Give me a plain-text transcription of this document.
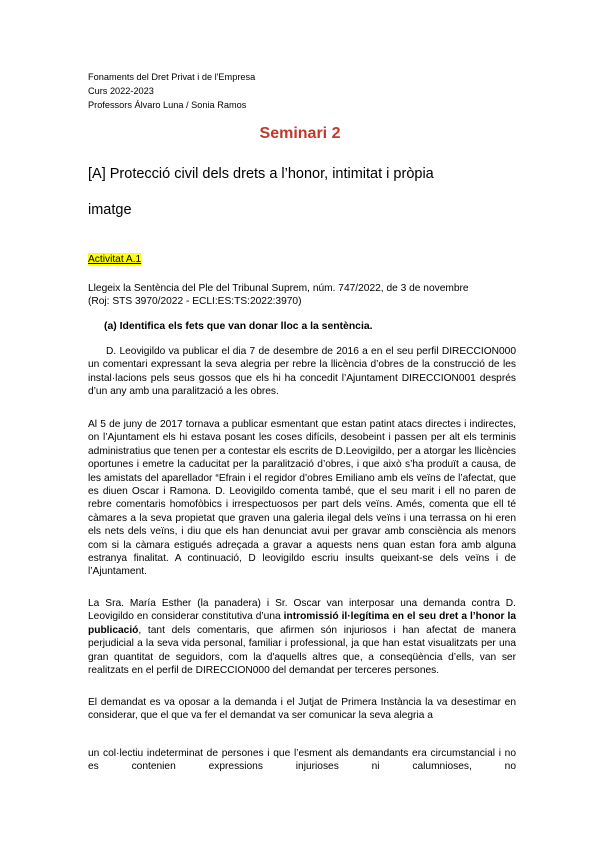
Fonaments del Dret Privat i de l'Empresa

Curs 2022-2023

Professors Álvaro Luna / Sonia Ramos

Seminari 2
[A] Protecció civil dels drets a l’honor, intimitat i pròpia
imatge
Activitat A.1

Llegeix la Sentència del Ple del Tribunal Suprem, núm. 747/2022, de 3 de novembre

(Roj: STS 3970/2022 - ECLI:ES:TS:2022:3970)

(a) Identifica els fets que van donar lloc a la sentència.

D. Leovigildo va publicar el dia 7 de desembre de 2016 a en el seu perfil DIRECCION000 un comentari expressant la seva alegria per rebre la llicència d’obres de la construcció de les instal·lacions pels seus gossos que els hi ha concedit l’Ajuntament DIRECCION001 després d’un any amb una paralització a les obres.

Al 5 de juny de 2017 tornava a publicar esmentant que estan patint atacs directes i indirectes, on l’Ajuntament els hi estava posant les coses difícils, desobeint i passen per alt els terminis administratius que tenen per a contestar els escrits de D.Leovigildo, per a atorgar les llicències oportunes i emetre la caducitat per la paralització d’obres, i que això s’ha produït a causa, de les amistats del aparellador “Efrain i el regidor d’obres Emiliano amb els veïns de l’afectat, que es diuen Oscar i Ramona. D. Leovigildo comenta també, que el seu marit i ell no paren de rebre comentaris homofòbics i irrespectuosos per part dels veïns. Amés, comenta que ell té càmares a la seva propietat que graven una galeria ilegal dels veïns i una terrassa on hi eren els nets dels veïns, i diu que els han denunciat avui per gravar amb consciència als menors com si la càmara estigués adreçada a gravar a aquests nens quan estan fora amb alguna estranya finalitat. A continuació, D leovigildo escriu insults queixant-se dels veïns i de l’Ajuntament.

La Sra. María Esther (la panadera) i Sr. Oscar van interposar una demanda contra D. Leovigildo en considerar constitutiva d’una intromissió il·legítima en el seu dret a l’honor la publicació, tant dels comentaris, que afirmen són injuriosos i han afectat de manera perjudicial a la seva vida personal, familiar i professional, ja que han estat visualitzats per una gran quantitat de seguidors, com la d'aquells altres que, a conseqüència d’ells, van ser realitzats en el perfil de DIRECCION000 del demandat per terceres persones.

El demandat es va oposar a la demanda i el Jutjat de Primera Instància la va desestimar en considerar, que el que va fer el demandat va ser comunicar la seva alegria a

un col·lectiu indeterminat de persones i que l’esment als demandants era circumstancial i no es contenien expressions injurioses ni calumnioses, no
